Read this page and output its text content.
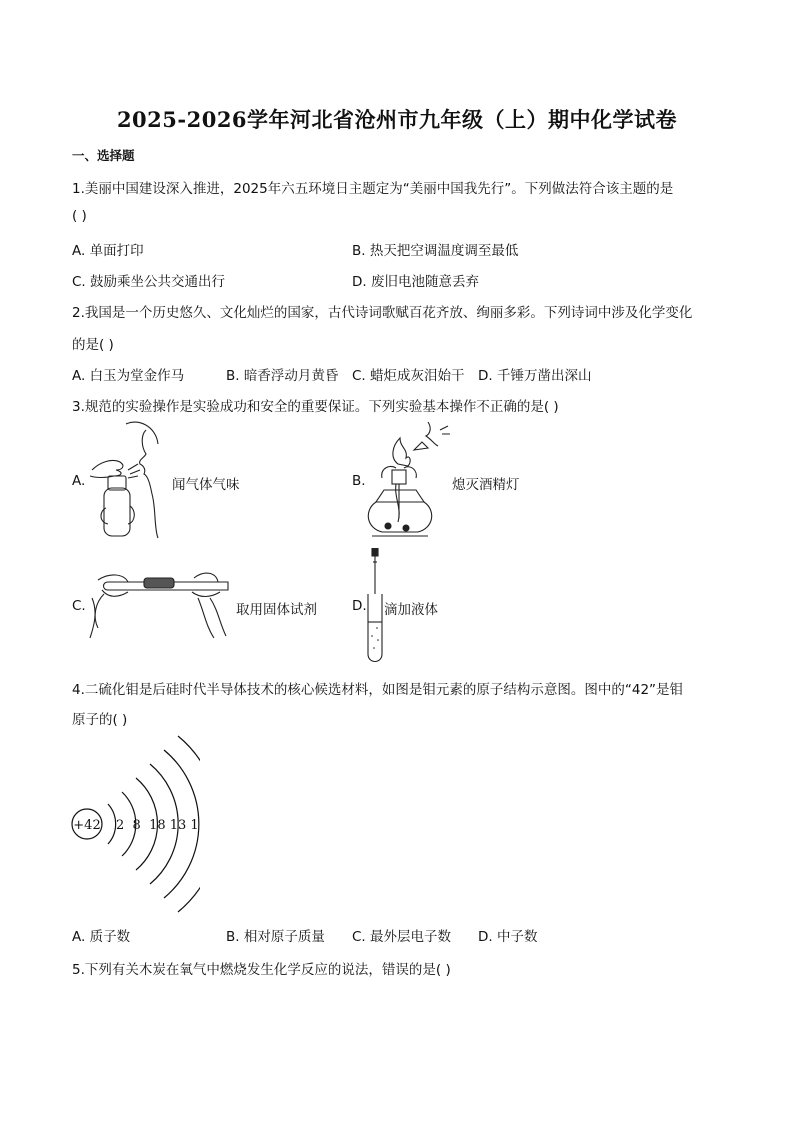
2025-2026学年河北省沧州市九年级（上）期中化学试卷
一、选择题
1.美丽中国建设深入推进，2025年六五环境日主题定为“美丽中国我先行”。下列做法符合该主题的是
( )
A. 单面打印	B. 热天把空调温度调至最低
C. 鼓励乘坐公共交通出行	D. 废旧电池随意丢弃
2.我国是一个历史悠久、文化灿烂的国家，古代诗词歌赋百花齐放、绚丽多彩。下列诗词中涉及化学变化
的是( )
A. 白玉为堂金作马	B. 暗香浮动月黄昏 C. 蜡炬成灰泪始干 D. 千锤万凿出深山
3.规范的实验操作是实验成功和安全的重要保证。下列实验基本操作不正确的是( )
A.	闻气体气味	B.	熄灭酒精灯
C.	取用固体试剂	D. 滴加液体
4.二硫化钼是后硅时代半导体技术的核心候选材料，如图是钼元素的原子结构示意图。图中的“42”是钼
原子的( )
+42 2  8  18 13 1
A. 质子数	B. 相对原子质量 C. 最外层电子数 D. 中子数
5.下列有关木炭在氧气中燃烧发生化学反应的说法，错误的是( )
